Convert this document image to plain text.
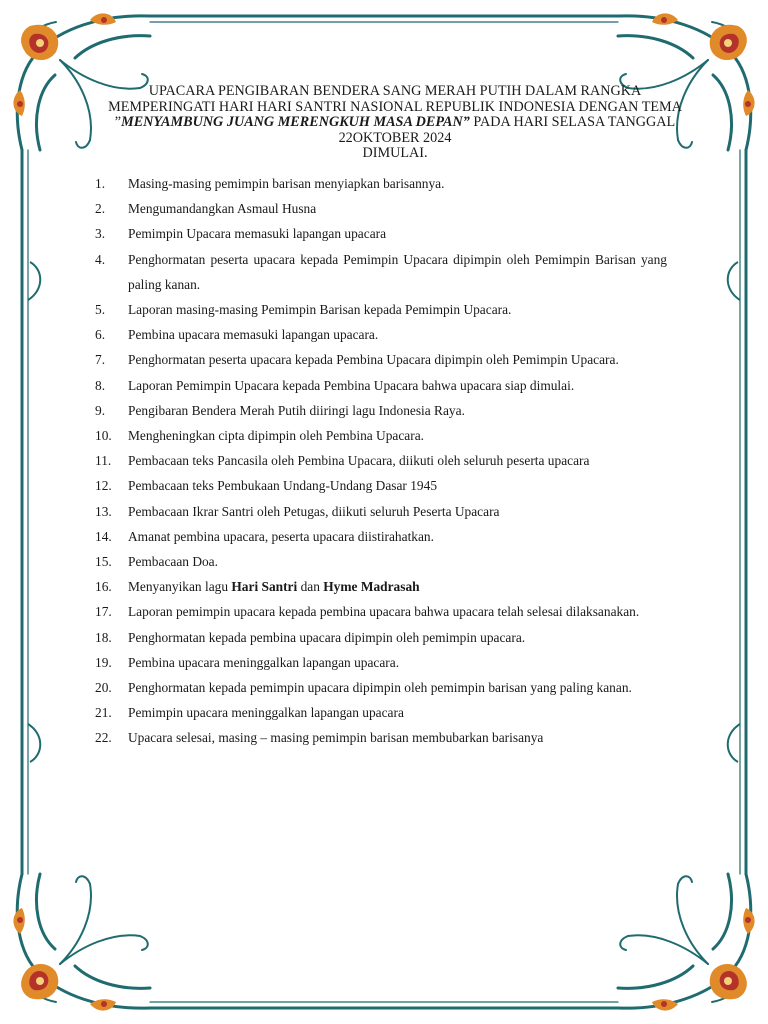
UPACARA PENGIBARAN BENDERA SANG MERAH PUTIH DALAM RANGKA MEMPERINGATI HARI HARI SANTRI NASIONAL REPUBLIK INDONESIA DENGAN TEMA ”MENYAMBUNG JUANG MERENGKUH MASA DEPAN” PADA HARI SELASA TANGGAL 22OKTOBER 2024
DIMULAI.

1. Masing-masing pemimpin barisan menyiapkan barisannya.
2. Mengumandangkan Asmaul Husna
3. Pemimpin Upacara memasuki lapangan upacara
4. Penghormatan peserta upacara kepada Pemimpin Upacara dipimpin oleh Pemimpin Barisan yang paling kanan.
5. Laporan masing-masing Pemimpin Barisan kepada Pemimpin Upacara.
6. Pembina upacara memasuki lapangan upacara.
7. Penghormatan peserta upacara kepada Pembina Upacara dipimpin oleh Pemimpin Upacara.
8. Laporan Pemimpin Upacara kepada Pembina Upacara bahwa upacara siap dimulai.
9. Pengibaran Bendera Merah Putih diiringi lagu Indonesia Raya.
10. Mengheningkan cipta dipimpin oleh Pembina Upacara.
11. Pembacaan teks Pancasila oleh Pembina Upacara, diikuti oleh seluruh peserta upacara
12. Pembacaan teks Pembukaan Undang-Undang Dasar 1945
13. Pembacaan Ikrar Santri oleh Petugas, diikuti seluruh Peserta Upacara
14. Amanat pembina upacara, peserta upacara diistirahatkan.
15. Pembacaan Doa.
16. Menyanyikan lagu Hari Santri dan Hyme Madrasah
17. Laporan pemimpin upacara kepada pembina upacara bahwa upacara telah selesai dilaksanakan.
18. Penghormatan kepada pembina upacara dipimpin oleh pemimpin upacara.
19. Pembina upacara meninggalkan lapangan upacara.
20. Penghormatan kepada pemimpin upacara dipimpin oleh pemimpin barisan yang paling kanan.
21. Pemimpin upacara meninggalkan lapangan upacara
22. Upacara selesai, masing – masing pemimpin barisan membubarkan barisanya
